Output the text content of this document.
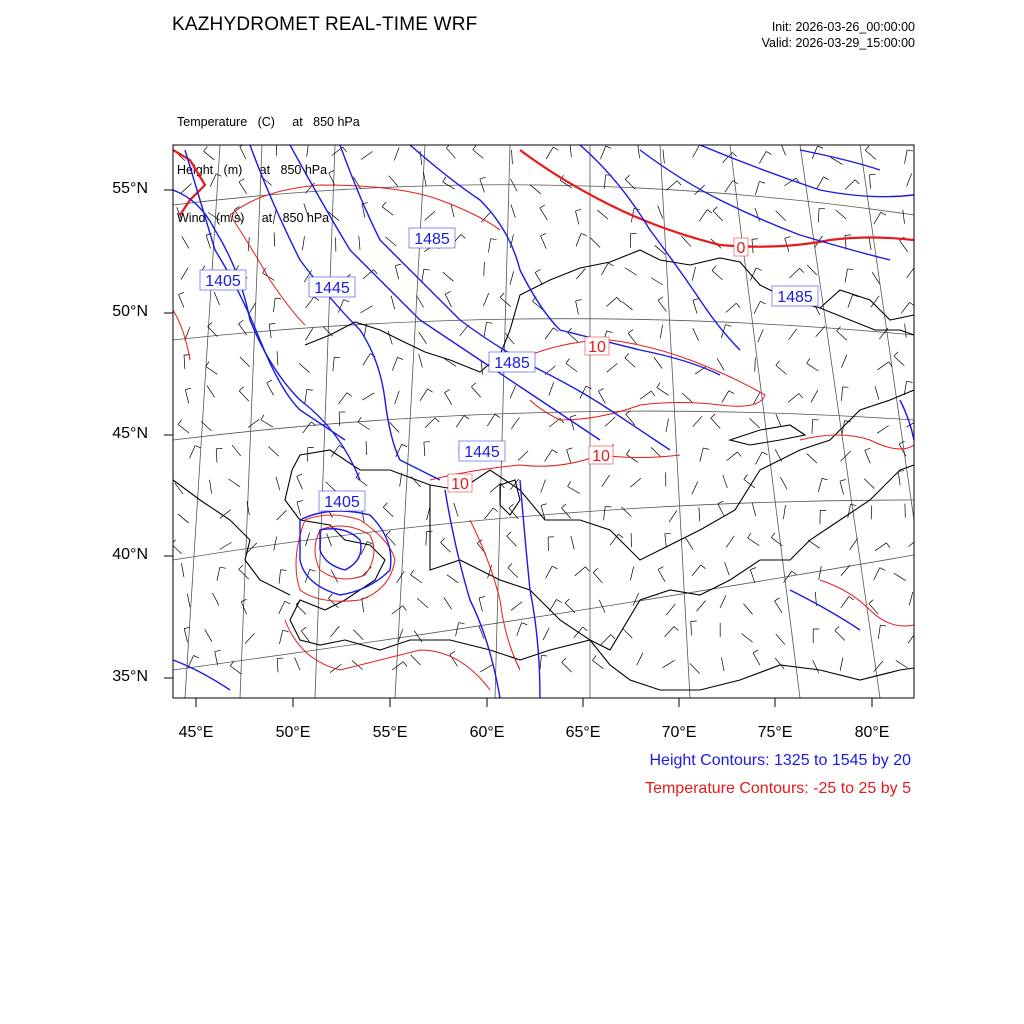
KAZHYDROMET REAL-TIME WRF	Init: 2026-03-26_00:00:00
Valid: 2026-03-29_15:00:00

Temperature   (C)     at   850 hPa

Height   (m)     at   850 hPa

Wind   (m/s)     at   850 hPa

1485
1405	1445
1485
1485
1445
1405
0
10
10
10
55°N
50°N
45°N
40°N
35°N
45°E	50°E	55°E	60°E	65°E	70°E	75°E	80°E
Height Contours: 1325 to 1545 by 20
Temperature Contours: -25 to 25 by 5
